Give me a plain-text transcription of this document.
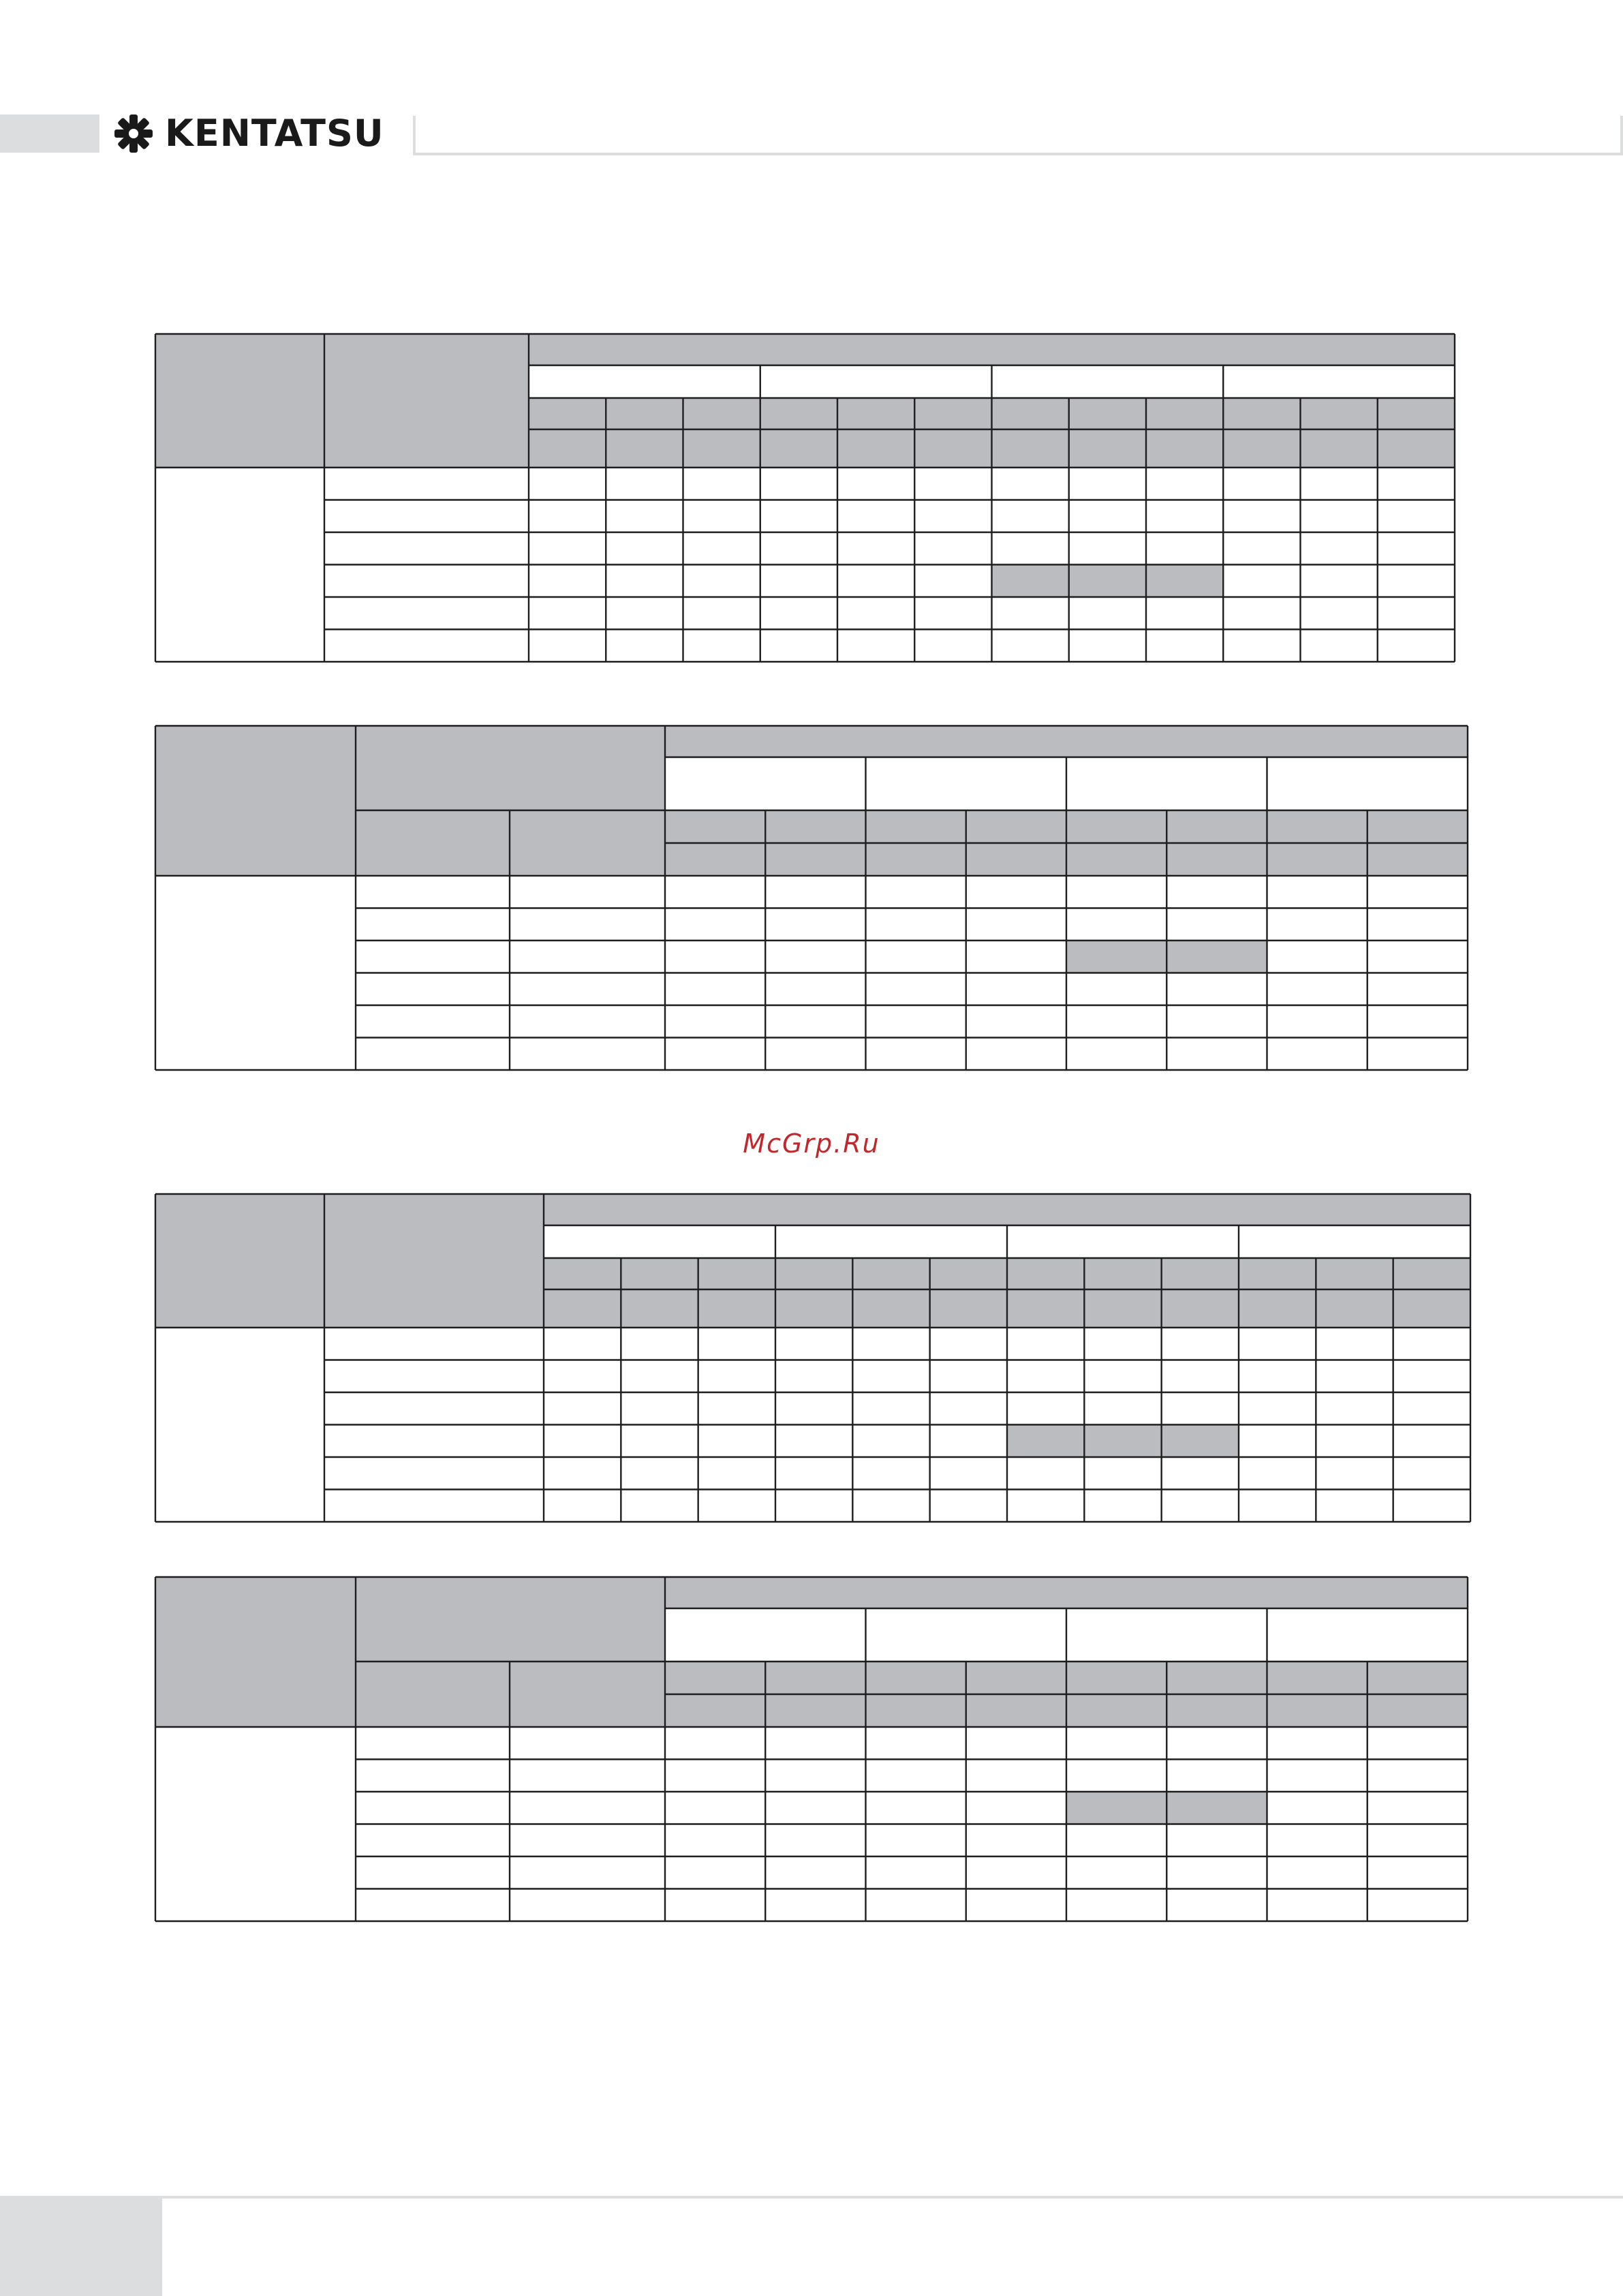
KENTATSU
McGrp.Ru
